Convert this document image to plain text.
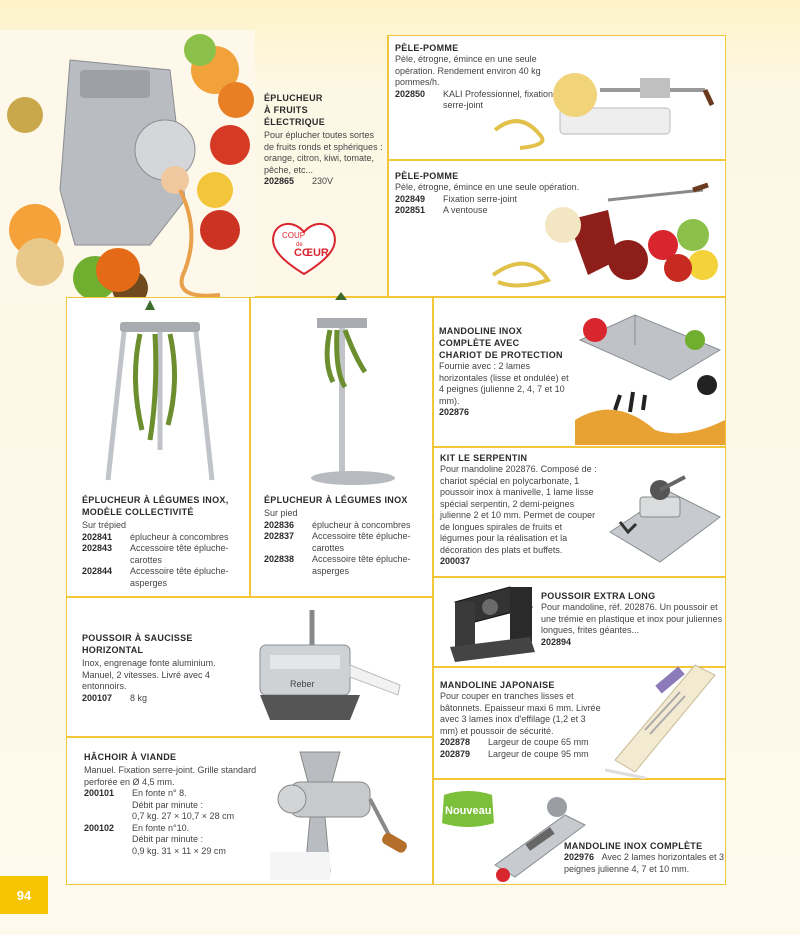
COUP
de
CŒUR
ÉPLUCHEUR
À FRUITS
ÉLECTRIQUE
Pour éplucher toutes sortes de fruits ronds et sphériques : orange, citron, kiwi, tomate, pêche, etc...
202865	230V
PÈLE-POMME
Pèle, étrogne, émince en une seule opération. Rendement environ 40 kg pommes/h.
202850	KALI Professionnel, fixation serre-joint
PÈLE-POMME
Pèle, étrogne, émince en une seule opération.
202849	Fixation serre-joint
202851	A ventouse
ÉPLUCHEUR À LÉGUMES INOX,
MODÈLE COLLECTIVITÉ
Sur trépied
202841	éplucheur à concombres
202843	Accessoire tête épluche-carottes
202844	Accessoire tête épluche-asperges
ÉPLUCHEUR À LÉGUMES INOX
Sur pied
202836	éplucheur à concombres
202837	Accessoire tête épluche-carottes
202838	Accessoire tête épluche-asperges
MANDOLINE INOX
COMPLÈTE AVEC
CHARIOT DE PROTECTION
Fournie avec : 2 lames horizontales (lisse et ondulée) et 4 peignes (julienne 2, 4, 7 et 10 mm).
202876
KIT LE SERPENTIN
Pour mandoline 202876. Composé de : chariot spécial en polycarbonate, 1 poussoir inox à manivelle, 1 lame lisse spécial serpentin, 2 demi-peignes julienne 2 et 10 mm. Permet de couper de longues spirales de fruits et légumes pour la réalisation et la décoration des plats et buffets.
200037
POUSSOIR EXTRA LONG
Pour mandoline, réf. 202876. Un poussoir et une trémie en plastique et inox pour juliennes longues, frites géantes...
202894
POUSSOIR À SAUCISSE
HORIZONTAL
Inox, engrenage fonte aluminium. Manuel, 2 vitesses. Livré avec 4 entonnoirs.
200107	8 kg
Reber	MANDOLINE JAPONAISE
Pour couper en tranches lisses et bâtonnets. Epaisseur maxi 6 mm. Livrée avec 3 lames inox d'effilage (1,2 et 3 mm) et poussoir de sécurité.
202878	Largeur de coupe 65 mm
202879	Largeur de coupe 95 mm
HÂCHOIR À VIANDE
Manuel. Fixation serre-joint. Grille standard perforée en Ø 4,5 mm.
200101	En fonte n° 8.
Débit par minute :
0,7 kg. 27 × 10,7 × 28 cm
200102	En fonte n°10.
Débit par minute :
0,9 kg. 31 × 11 × 29 cm
Nouveau
MANDOLINE INOX COMPLÈTE
202976 Avec 2 lames horizontales et 3 peignes julienne 4, 7 et 10 mm.
94
